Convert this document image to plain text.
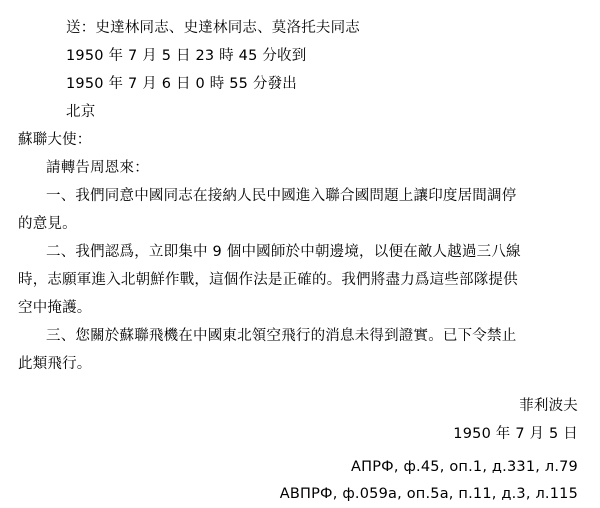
送：史達林同志、史達林同志、莫洛托夫同志
1950 年 7 月 5 日 23 時 45 分收到
1950 年 7 月 6 日 0 時 55 分發出
北京
蘇聯大使：
請轉告周恩來：
一、我們同意中國同志在接納人民中國進入聯合國問題上讓印度居間調停
的意見。
二、我們認爲，立即集中 9 個中國師於中朝邊境，以便在敵人越過三八線
時，志願軍進入北朝鮮作戰，這個作法是正確的。我們將盡力爲這些部隊提供
空中掩護。
三、您關於蘇聯飛機在中國東北領空飛行的消息未得到證實。已下令禁止
此類飛行。
菲利波夫
1950 年 7 月 5 日
АПРФ, ф.45, оп.1, д.331, л.79
АВПРФ, ф.059a, оп.5a, п.11, д.3, л.115
